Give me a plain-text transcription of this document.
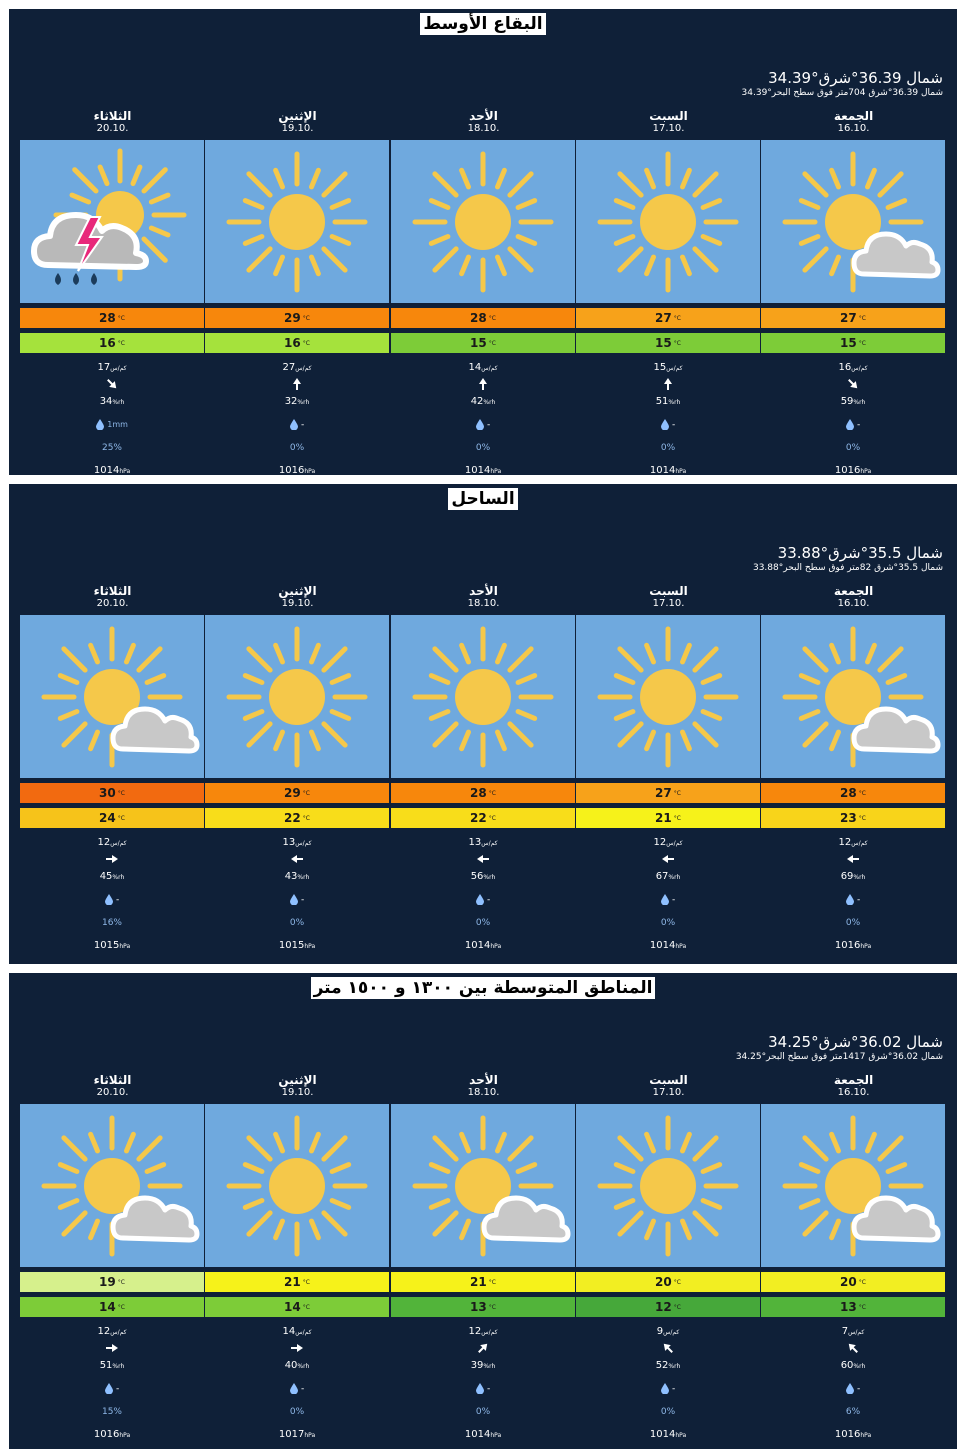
البقاع الأوسط
34.39°شمال 36.39°شرق
34.39°شمال 36.39°شرق 704متر فوق سطح البحر
الثلاثاء
20.10.
28 °C
16 °C
17كم/س
34%rh
$^{1mm}$
25%
1014hPa
الإثنين
19.10.
29 °C
16 °C
27كم/س
32%rh
-
0%
1016hPa
الأحد
18.10.
28 °C
15 °C
14كم/س
42%rh
-
0%
1014hPa
السبت
17.10.
27 °C
15 °C
15كم/س
51%rh
-
0%
1014hPa
الجمعة
16.10.
27 °C
15 °C
16كم/س
59%rh
-
0%
1016hPa
الساحل
33.88°شمال 35.5°شرق
33.88°شمال 35.5°شرق 82متر فوق سطح البحر
الثلاثاء
20.10.
30 °C
24 °C
12كم/س
45%rh
-
16%
1015hPa
الإثنين
19.10.
29 °C
22 °C
13كم/س
43%rh
-
0%
1015hPa
الأحد
18.10.
28 °C
22 °C
13كم/س
56%rh
-
0%
1014hPa
السبت
17.10.
27 °C
21 °C
12كم/س
67%rh
-
0%
1014hPa
الجمعة
16.10.
28 °C
23 °C
12كم/س
69%rh
-
0%
1016hPa
المناطق المتوسطة بين ١٣٠٠ و ١٥٠٠ متر
34.25°شمال 36.02°شرق
34.25°شمال 36.02°شرق 1417متر فوق سطح البحر
الثلاثاء
20.10.
19 °C
14 °C
12كم/س
51%rh
-
15%
1016hPa
الإثنين
19.10.
21 °C
14 °C
14كم/س
40%rh
-
0%
1017hPa
الأحد
18.10.
21 °C
13 °C
12كم/س
39%rh
-
0%
1014hPa
السبت
17.10.
20 °C
12 °C
9كم/س
52%rh
-
0%
1014hPa
الجمعة
16.10.
20 °C
13 °C
7كم/س
60%rh
-
6%
1016hPa
